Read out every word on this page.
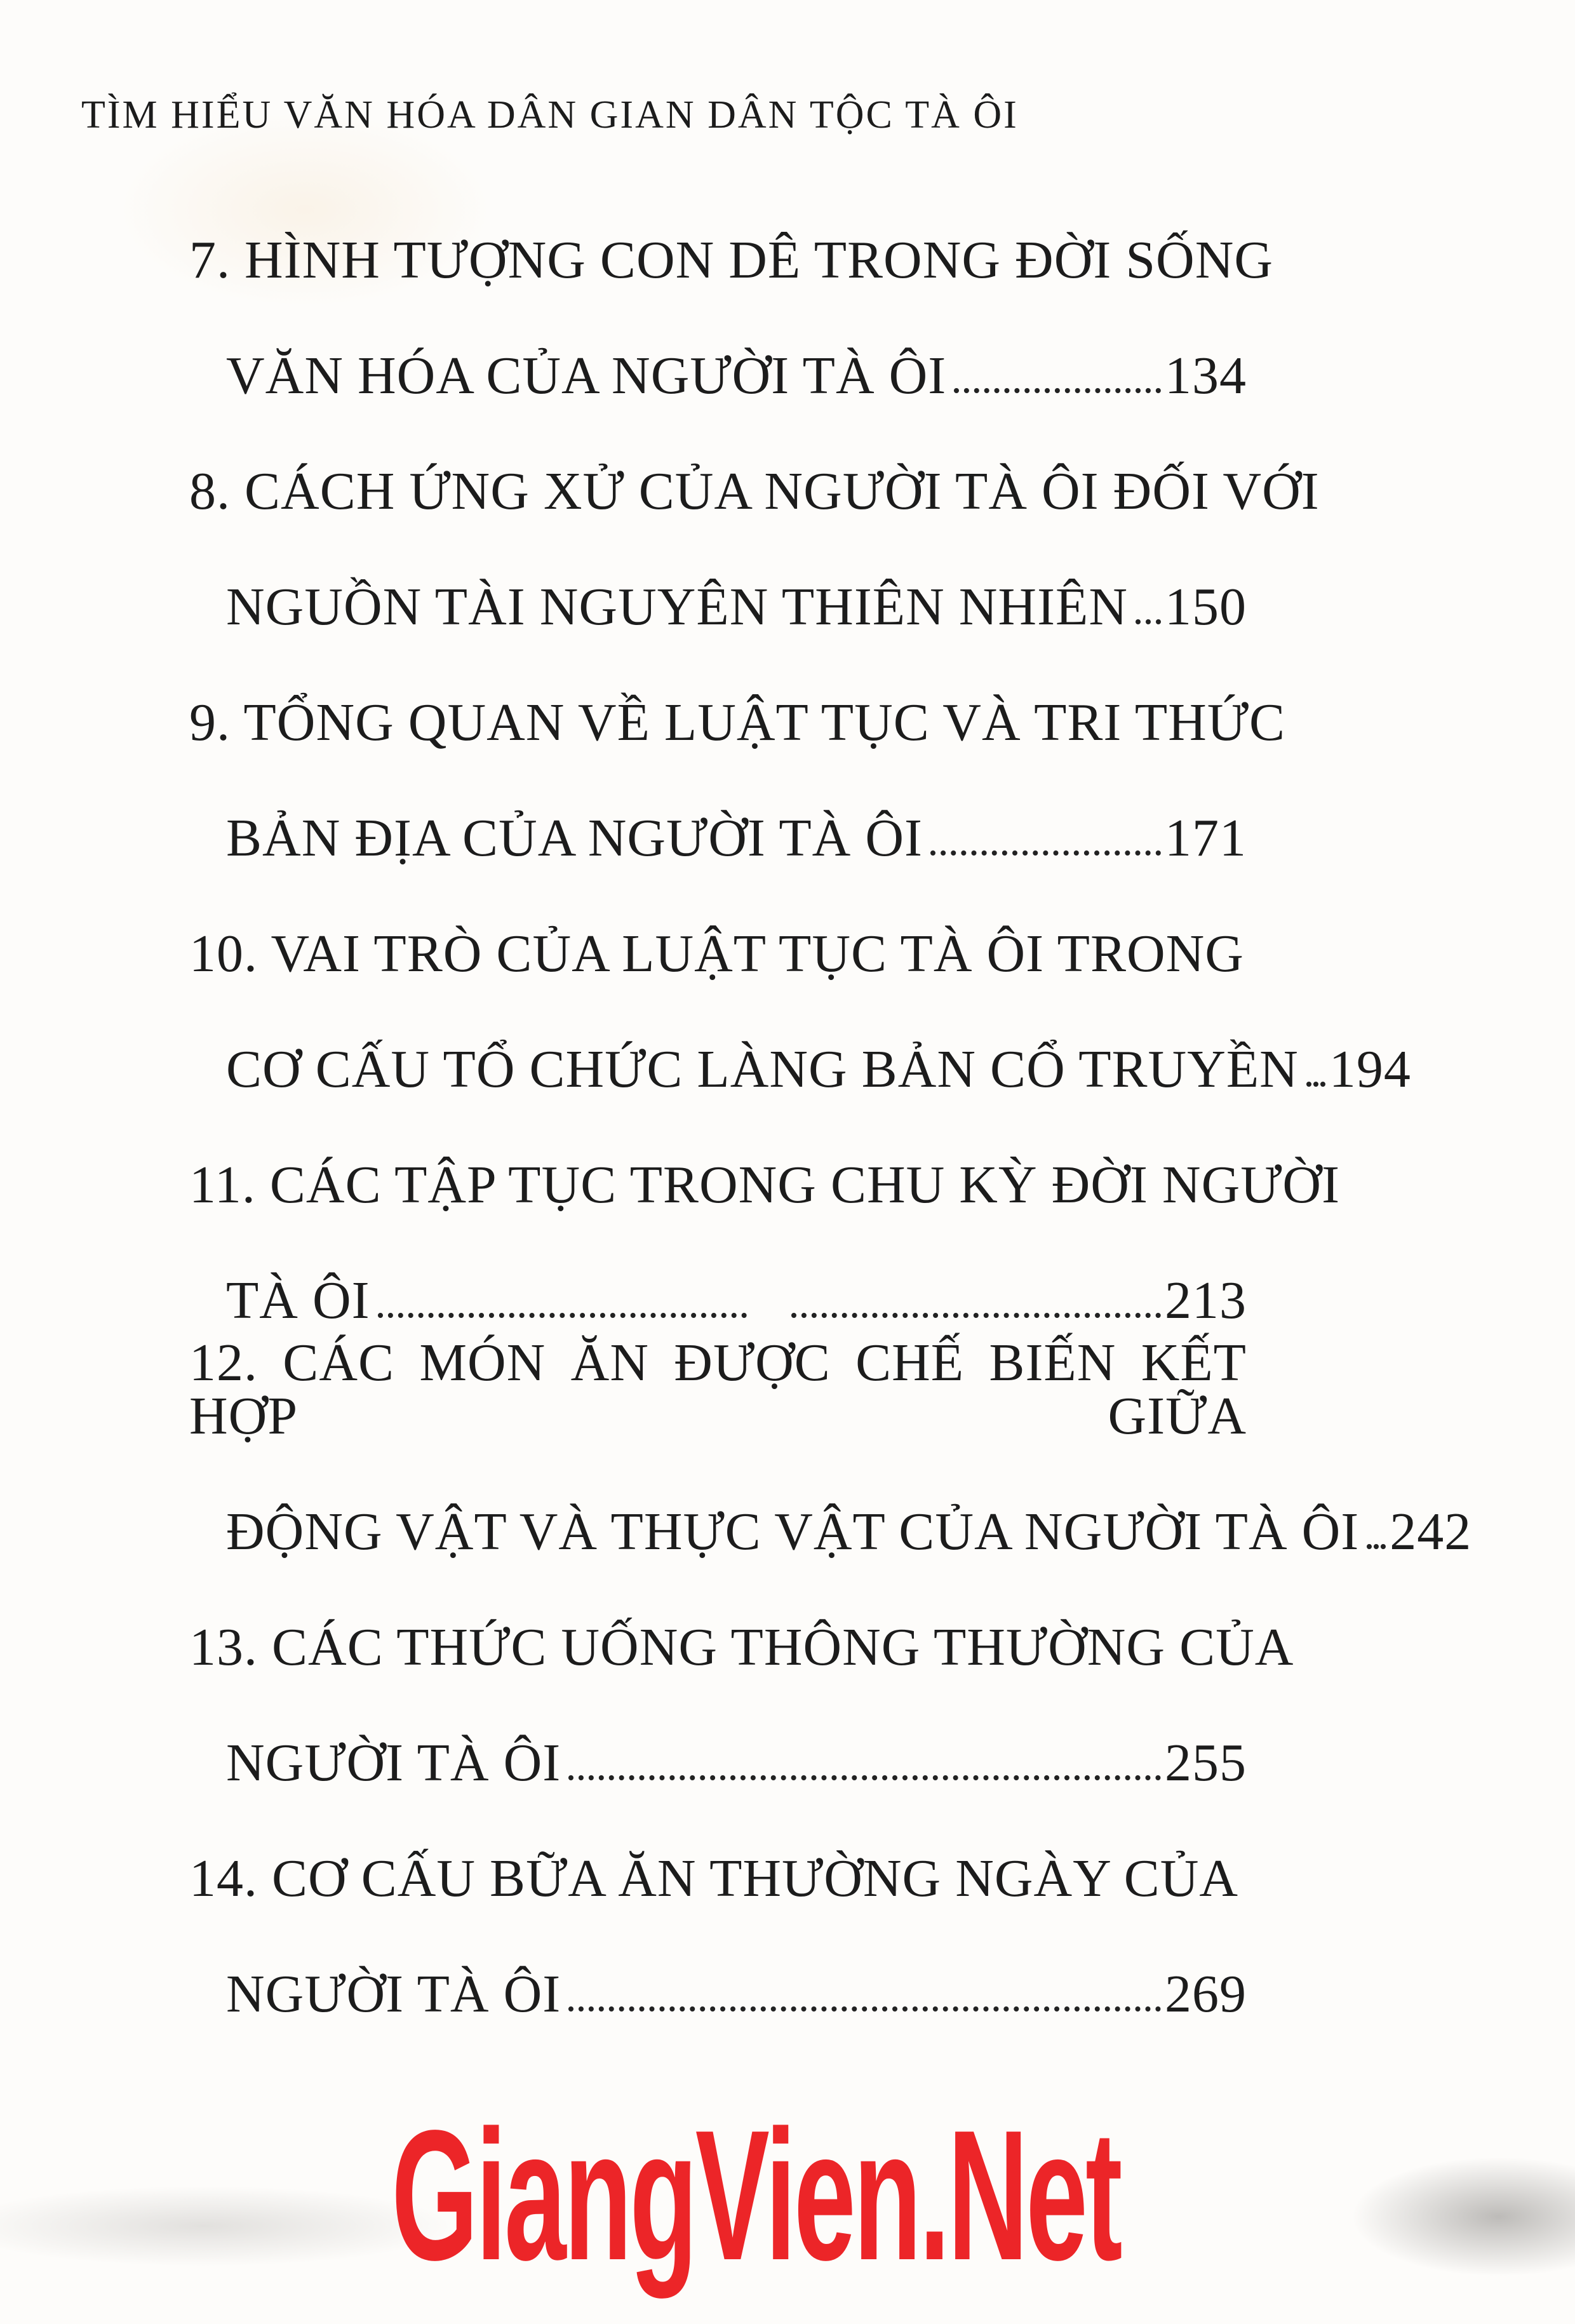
TÌM HIỂU VĂN HÓA DÂN GIAN DÂN TỘC TÀ ÔI
7. HÌNH TƯỢNG CON DÊ TRONG ĐỜI SỐNG
VĂN HÓA CỦA NGƯỜI TÀ ÔI	134
8. CÁCH ỨNG XỬ CỦA NGƯỜI TÀ ÔI ĐỐI VỚI
NGUỒN TÀI NGUYÊN THIÊN NHIÊN 150
9. TỔNG QUAN VỀ LUẬT TỤC VÀ TRI THỨC
BẢN ĐỊA CỦA NGƯỜI TÀ ÔI	171
10. VAI TRÒ CỦA LUẬT TỤC TÀ ÔI TRONG
CƠ CẤU TỔ CHỨC LÀNG BẢN CỔ TRUYỀN 194
11. CÁC TẬP TỤC TRONG CHU KỲ ĐỜI NGƯỜI
TÀ ÔI	213
12. CÁC MÓN ĂN ĐƯỢC CHẾ BIẾN KẾT HỢP GIỮA
ĐỘNG VẬT VÀ THỰC VẬT CỦA NGƯỜI TÀ ÔI 242
13. CÁC THỨC UỐNG THÔNG THƯỜNG CỦA
NGƯỜI TÀ ÔI	255
14. CƠ CẤU BỮA ĂN THƯỜNG NGÀY CỦA
NGƯỜI TÀ ÔI	269
GiangVien.Net
